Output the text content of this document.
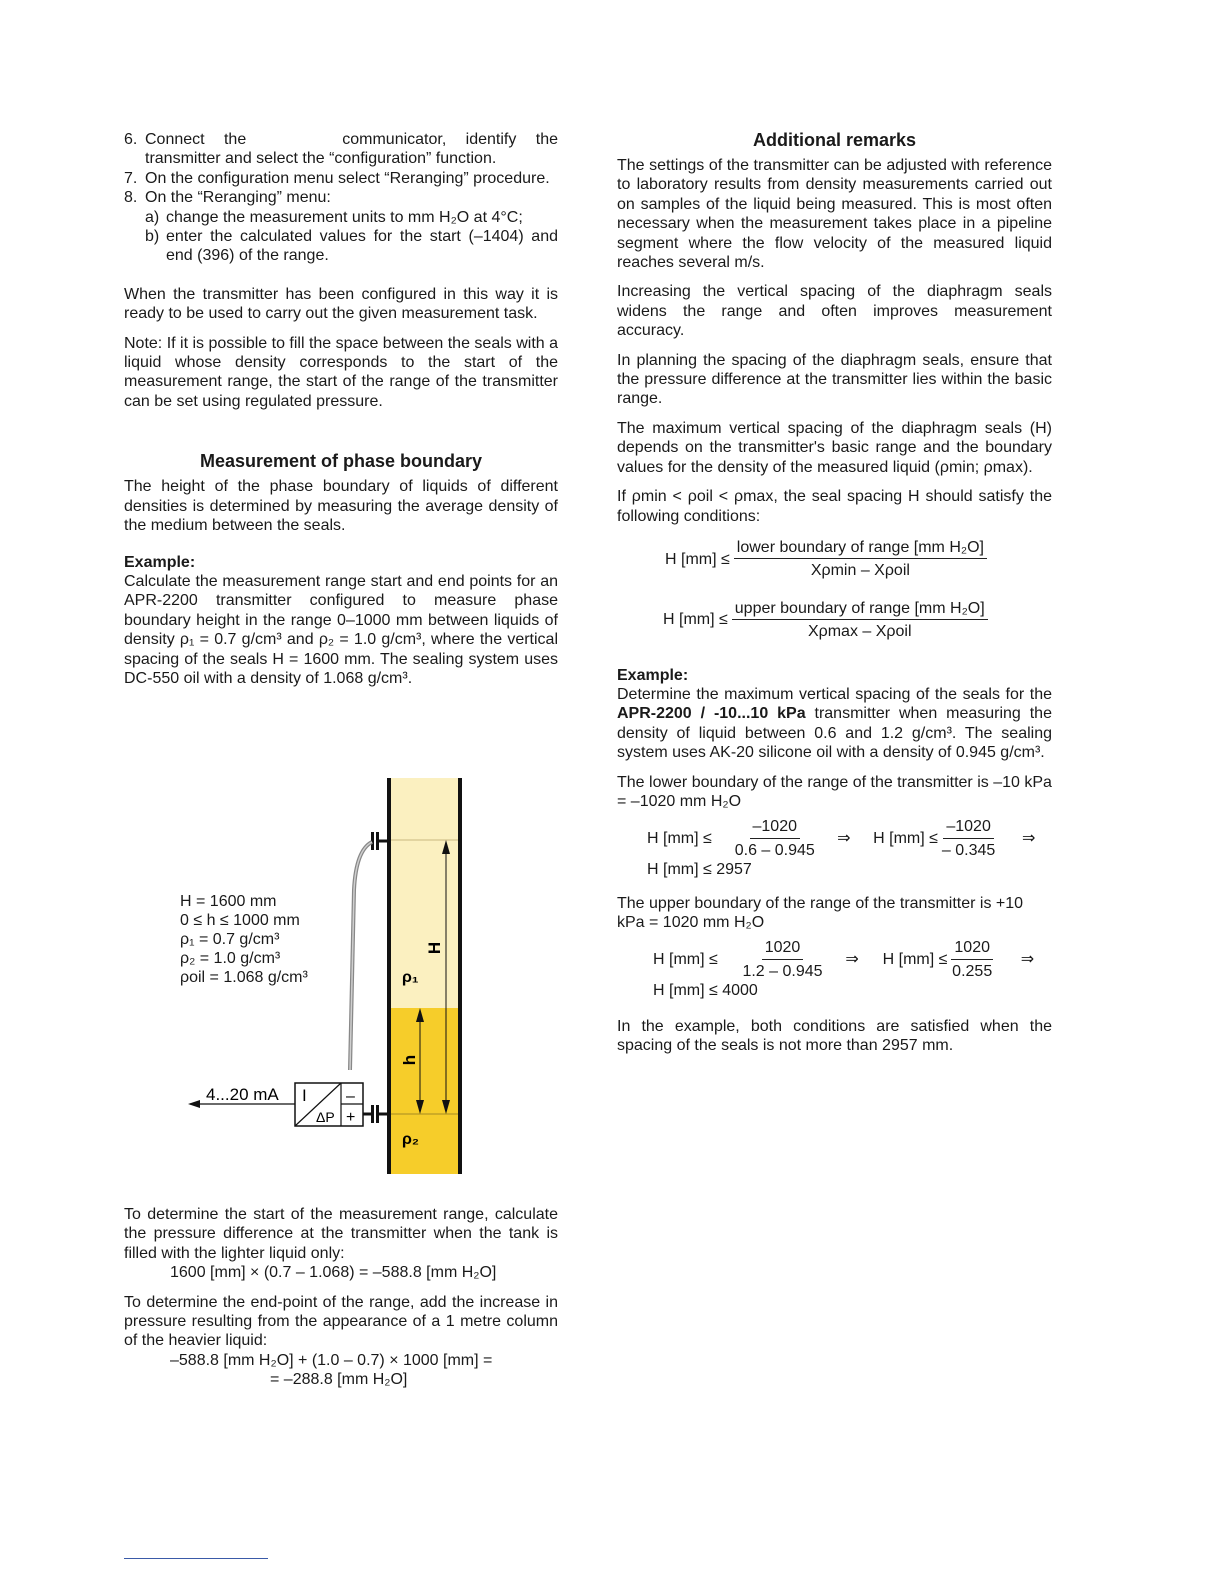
6. Connect the	communicator, identify the transmitter and select the “configuration” function.
7. On the configuration menu select “Reranging” procedure.
8. On the “Reranging” menu:
a) change the measurement units to mm H₂O at 4°C;
b) enter the calculated values for the start (–1404) and end (396) of the range.

When the transmitter has been configured in this way it is ready to be used to carry out the given measurement task.

Note: If it is possible to fill the space between the seals with a liquid whose density corresponds to the start of the measurement range, the start of the range of the transmitter can be set using regulated pressure.

Measurement of phase boundary

The height of the phase boundary of liquids of different densities is determined by measuring the average density of the medium between the seals.

Example:

Calculate the measurement range start and end points for an APR-2200 transmitter configured to measure phase boundary height in the range 0–1000 mm between liquids of density ρ₁ = 0.7 g/cm³ and ρ₂ = 1.0 g/cm³, where the vertical spacing of the seals H = 1600 mm. The sealing system uses DC-550 oil with a density of 1.068 g/cm³.

I –
ΔP +
4...20 mA
H
h
ρ₁
ρ₂
H = 1600 mm
0 ≤ h ≤ 1000 mm
ρ₁ = 0.7 g/cm³
ρ₂ = 1.0 g/cm³
ρoil = 1.068 g/cm³

To determine the start of the measurement range, calculate the pressure difference at the transmitter when the tank is filled with the lighter liquid only:

1600 [mm] × (0.7 – 1.068) = –588.8 [mm H₂O]

To determine the end-point of the range, add the increase in pressure resulting from the appearance of a 1 metre column of the heavier liquid:

–588.8 [mm H₂O] + (1.0 – 0.7) × 1000 [mm] =
= –288.8 [mm H₂O]
Additional remarks

The settings of the transmitter can be adjusted with reference to laboratory results from density measurements carried out on samples of the liquid being measured. This is most often necessary when the measurement takes place in a pipeline segment where the flow velocity of the measured liquid reaches several m/s.

Increasing the vertical spacing of the diaphragm seals widens the range and often improves measurement accuracy.

In planning the spacing of the diaphragm seals, ensure that the pressure difference at the transmitter lies within the basic range.

The maximum vertical spacing of the diaphragm seals (H) depends on the transmitter's basic range and the boundary values for the density of the measured liquid (ρmin; ρmax).

If ρmin < ρoil < ρmax, the seal spacing H should satisfy the following conditions:

H $[mm] \le \frac{\text{lower boundary of range [mm H₂O]}}{\text{Xρmin – Xρoil}}$
H $[mm] \le \frac{\text{upper boundary of range [mm H₂O]}}{\text{Xρmax – Xρoil}}$
Example:

Determine the maximum vertical spacing of the seals for the APR-2200 / -10...10 kPa transmitter when measuring the density of liquid between 0.6 and 1.2 g/cm³. The sealing system uses AK-20 silicone oil with a density of 0.945 g/cm³.

The lower boundary of the range of the transmitter is –10 kPa = –1020 mm H₂O

H [mm] ≤	$\frac{-1020}{0.6 - 0.945}$ ⇒	H $[mm] \le \frac{-1020}{- 0.345}$ ⇒
H [mm] ≤ 2957

The upper boundary of the range of the transmitter is +10 kPa = 1020 mm H₂O

H [mm] ≤	$\frac{1020}{1.2 - 0.945}$ ⇒	H $[mm] \le \frac{1020}{0.255}$ ⇒
H [mm] ≤ 4000

In the example, both conditions are satisfied when the spacing of the seals is not more than 2957 mm.
